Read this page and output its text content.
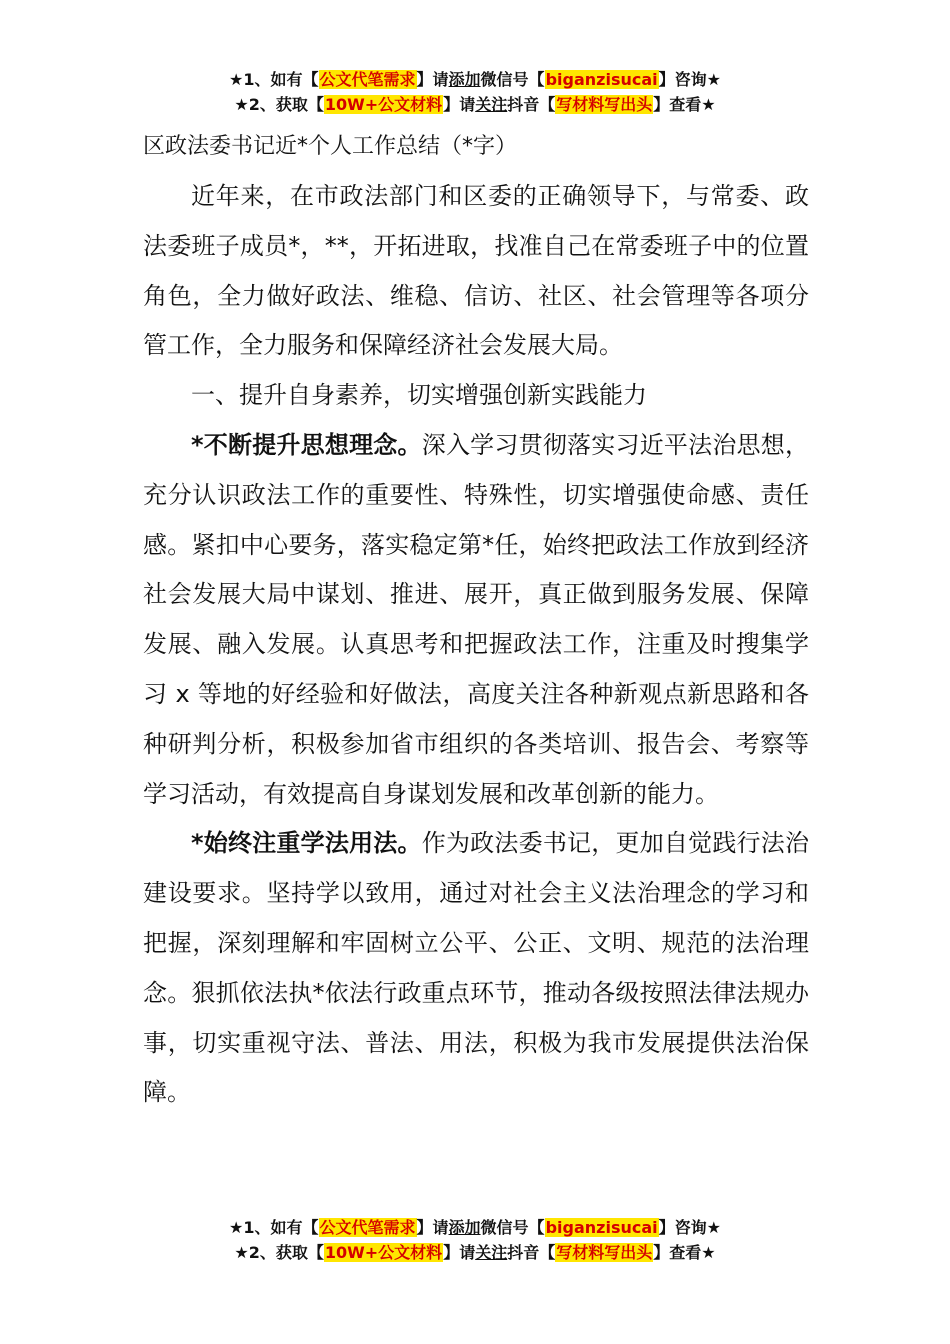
★1、如有【公文代笔需求】请添加微信号【biganzisucai】咨询★
★2、获取【10W+公文材料】请关注抖音【写材料写出头】查看★
区政法委书记近*个人工作总结（*字）

近年来，在市政法部门和区委的正确领导下，与常委、政法委班子成员*，**，开拓进取，找准自己在常委班子中的位置角色，全力做好政法、维稳、信访、社区、社会管理等各项分管工作，全力服务和保障经济社会发展大局。

一、提升自身素养，切实增强创新实践能力

*不断提升思想理念。深入学习贯彻落实习近平法治思想，充分认识政法工作的重要性、特殊性，切实增强使命感、责任感。紧扣中心要务，落实稳定第*任，始终把政法工作放到经济社会发展大局中谋划、推进、展开，真正做到服务发展、保障发展、融入发展。认真思考和把握政法工作，注重及时搜集学习 x 等地的好经验和好做法，高度关注各种新观点新思路和各种研判分析，积极参加省市组织的各类培训、报告会、考察等学习活动，有效提高自身谋划发展和改革创新的能力。

*始终注重学法用法。作为政法委书记，更加自觉践行法治建设要求。坚持学以致用，通过对社会主义法治理念的学习和把握，深刻理解和牢固树立公平、公正、文明、规范的法治理念。狠抓依法执*依法行政重点环节，推动各级按照法律法规办事，切实重视守法、普法、用法，积极为我市发展提供法治保障。

★1、如有【公文代笔需求】请添加微信号【biganzisucai】咨询★
★2、获取【10W+公文材料】请关注抖音【写材料写出头】查看★
